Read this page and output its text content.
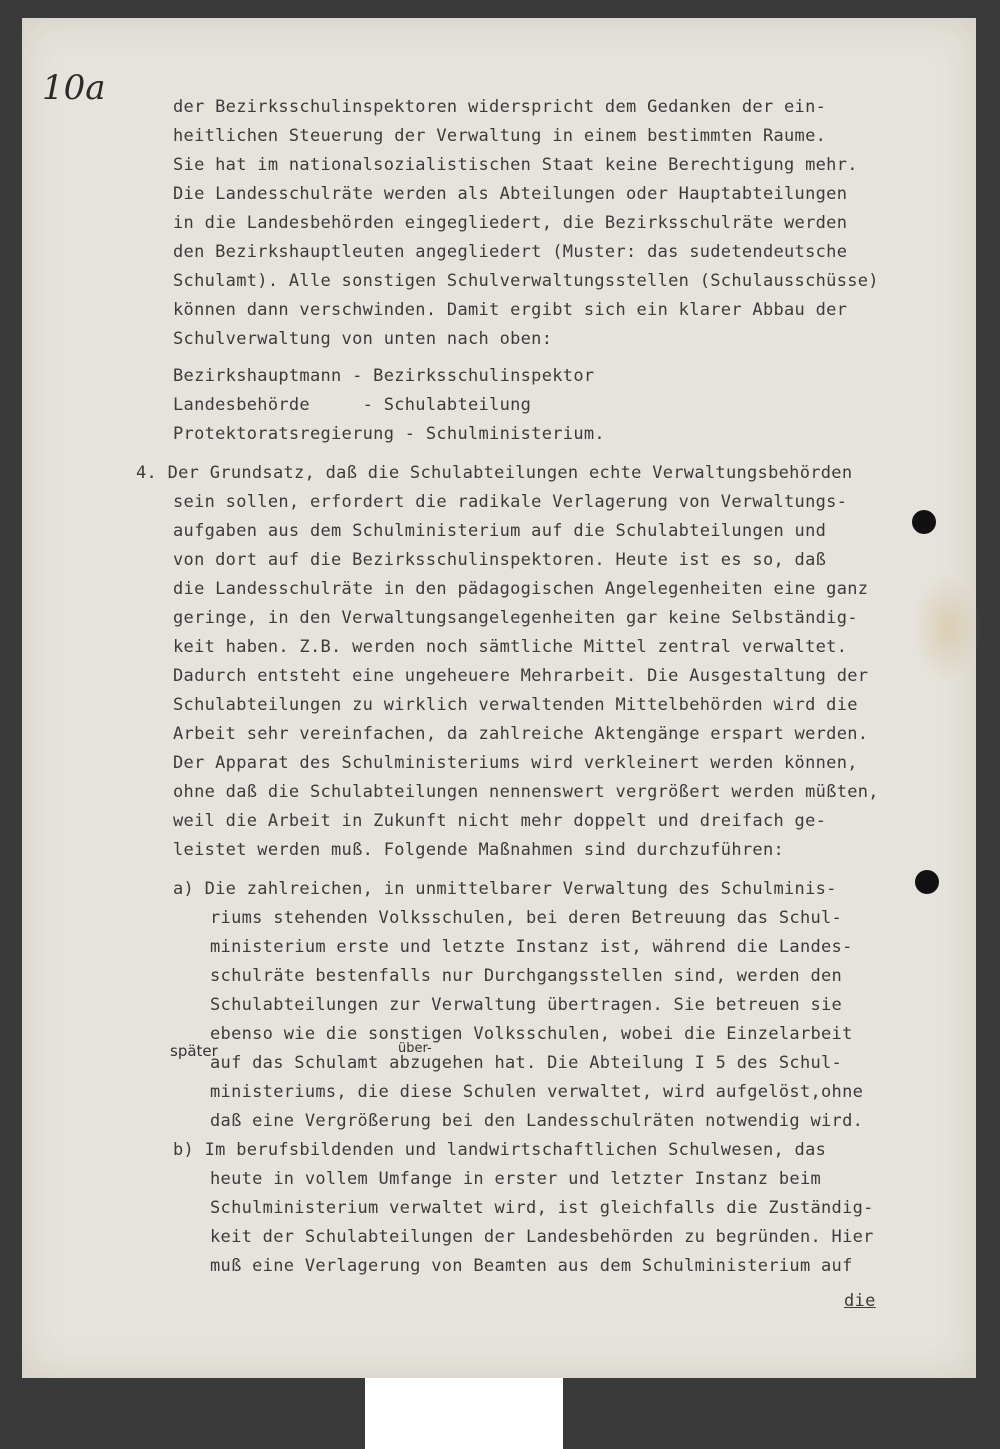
10a	der Bezirksschulinspektoren widerspricht dem Gedanken der ein-
heitlichen Steuerung der Verwaltung in einem bestimmten Raume.
Sie hat im nationalsozialistischen Staat keine Berechtigung mehr.
Die Landesschulräte werden als Abteilungen oder Hauptabteilungen
in die Landesbehörden eingegliedert, die Bezirksschulräte werden
den Bezirkshauptleuten angegliedert (Muster: das sudetendeutsche
Schulamt). Alle sonstigen Schulverwaltungsstellen (Schulausschüsse)
können dann verschwinden. Damit ergibt sich ein klarer Abbau der
Schulverwaltung von unten nach oben:
Bezirkshauptmann - Bezirksschulinspektor
Landesbehörde     - Schulabteilung
Protektoratsregierung - Schulministerium.
4. Der Grundsatz, daß die Schulabteilungen echte Verwaltungsbehörden
sein sollen, erfordert die radikale Verlagerung von Verwaltungs-
aufgaben aus dem Schulministerium auf die Schulabteilungen und
von dort auf die Bezirksschulinspektoren. Heute ist es so, daß
die Landesschulräte in den pädagogischen Angelegenheiten eine ganz
geringe, in den Verwaltungsangelegenheiten gar keine Selbständig-
keit haben. Z.B. werden noch sämtliche Mittel zentral verwaltet.
Dadurch entsteht eine ungeheuere Mehrarbeit. Die Ausgestaltung der
Schulabteilungen zu wirklich verwaltenden Mittelbehörden wird die
Arbeit sehr vereinfachen, da zahlreiche Aktengänge erspart werden.
Der Apparat des Schulministeriums wird verkleinert werden können,
ohne daß die Schulabteilungen nennenswert vergrößert werden müßten,
weil die Arbeit in Zukunft nicht mehr doppelt und dreifach ge-
leistet werden muß. Folgende Maßnahmen sind durchzuführen:
a) Die zahlreichen, in unmittelbarer Verwaltung des Schulminis-
riums stehenden Volksschulen, bei deren Betreuung das Schul-
ministerium erste und letzte Instanz ist, während die Landes-
schulräte bestenfalls nur Durchgangsstellen sind, werden den
Schulabteilungen zur Verwaltung übertragen. Sie betreuen sie
ebenso wie die sonstigen Volksschulen, wobei die Einzelarbeit
auf das Schulamt abzugehen hat. Die Abteilung I 5 des Schul-
ministeriums, die diese Schulen verwaltet, wird aufgelöst,ohne
daß eine Vergrößerung bei den Landesschulräten notwendig wird.
später	über-
b) Im berufsbildenden und landwirtschaftlichen Schulwesen, das
heute in vollem Umfange in erster und letzter Instanz beim
Schulministerium verwaltet wird, ist gleichfalls die Zuständig-
keit der Schulabteilungen der Landesbehörden zu begründen. Hier
muß eine Verlagerung von Beamten aus dem Schulministerium auf
die
